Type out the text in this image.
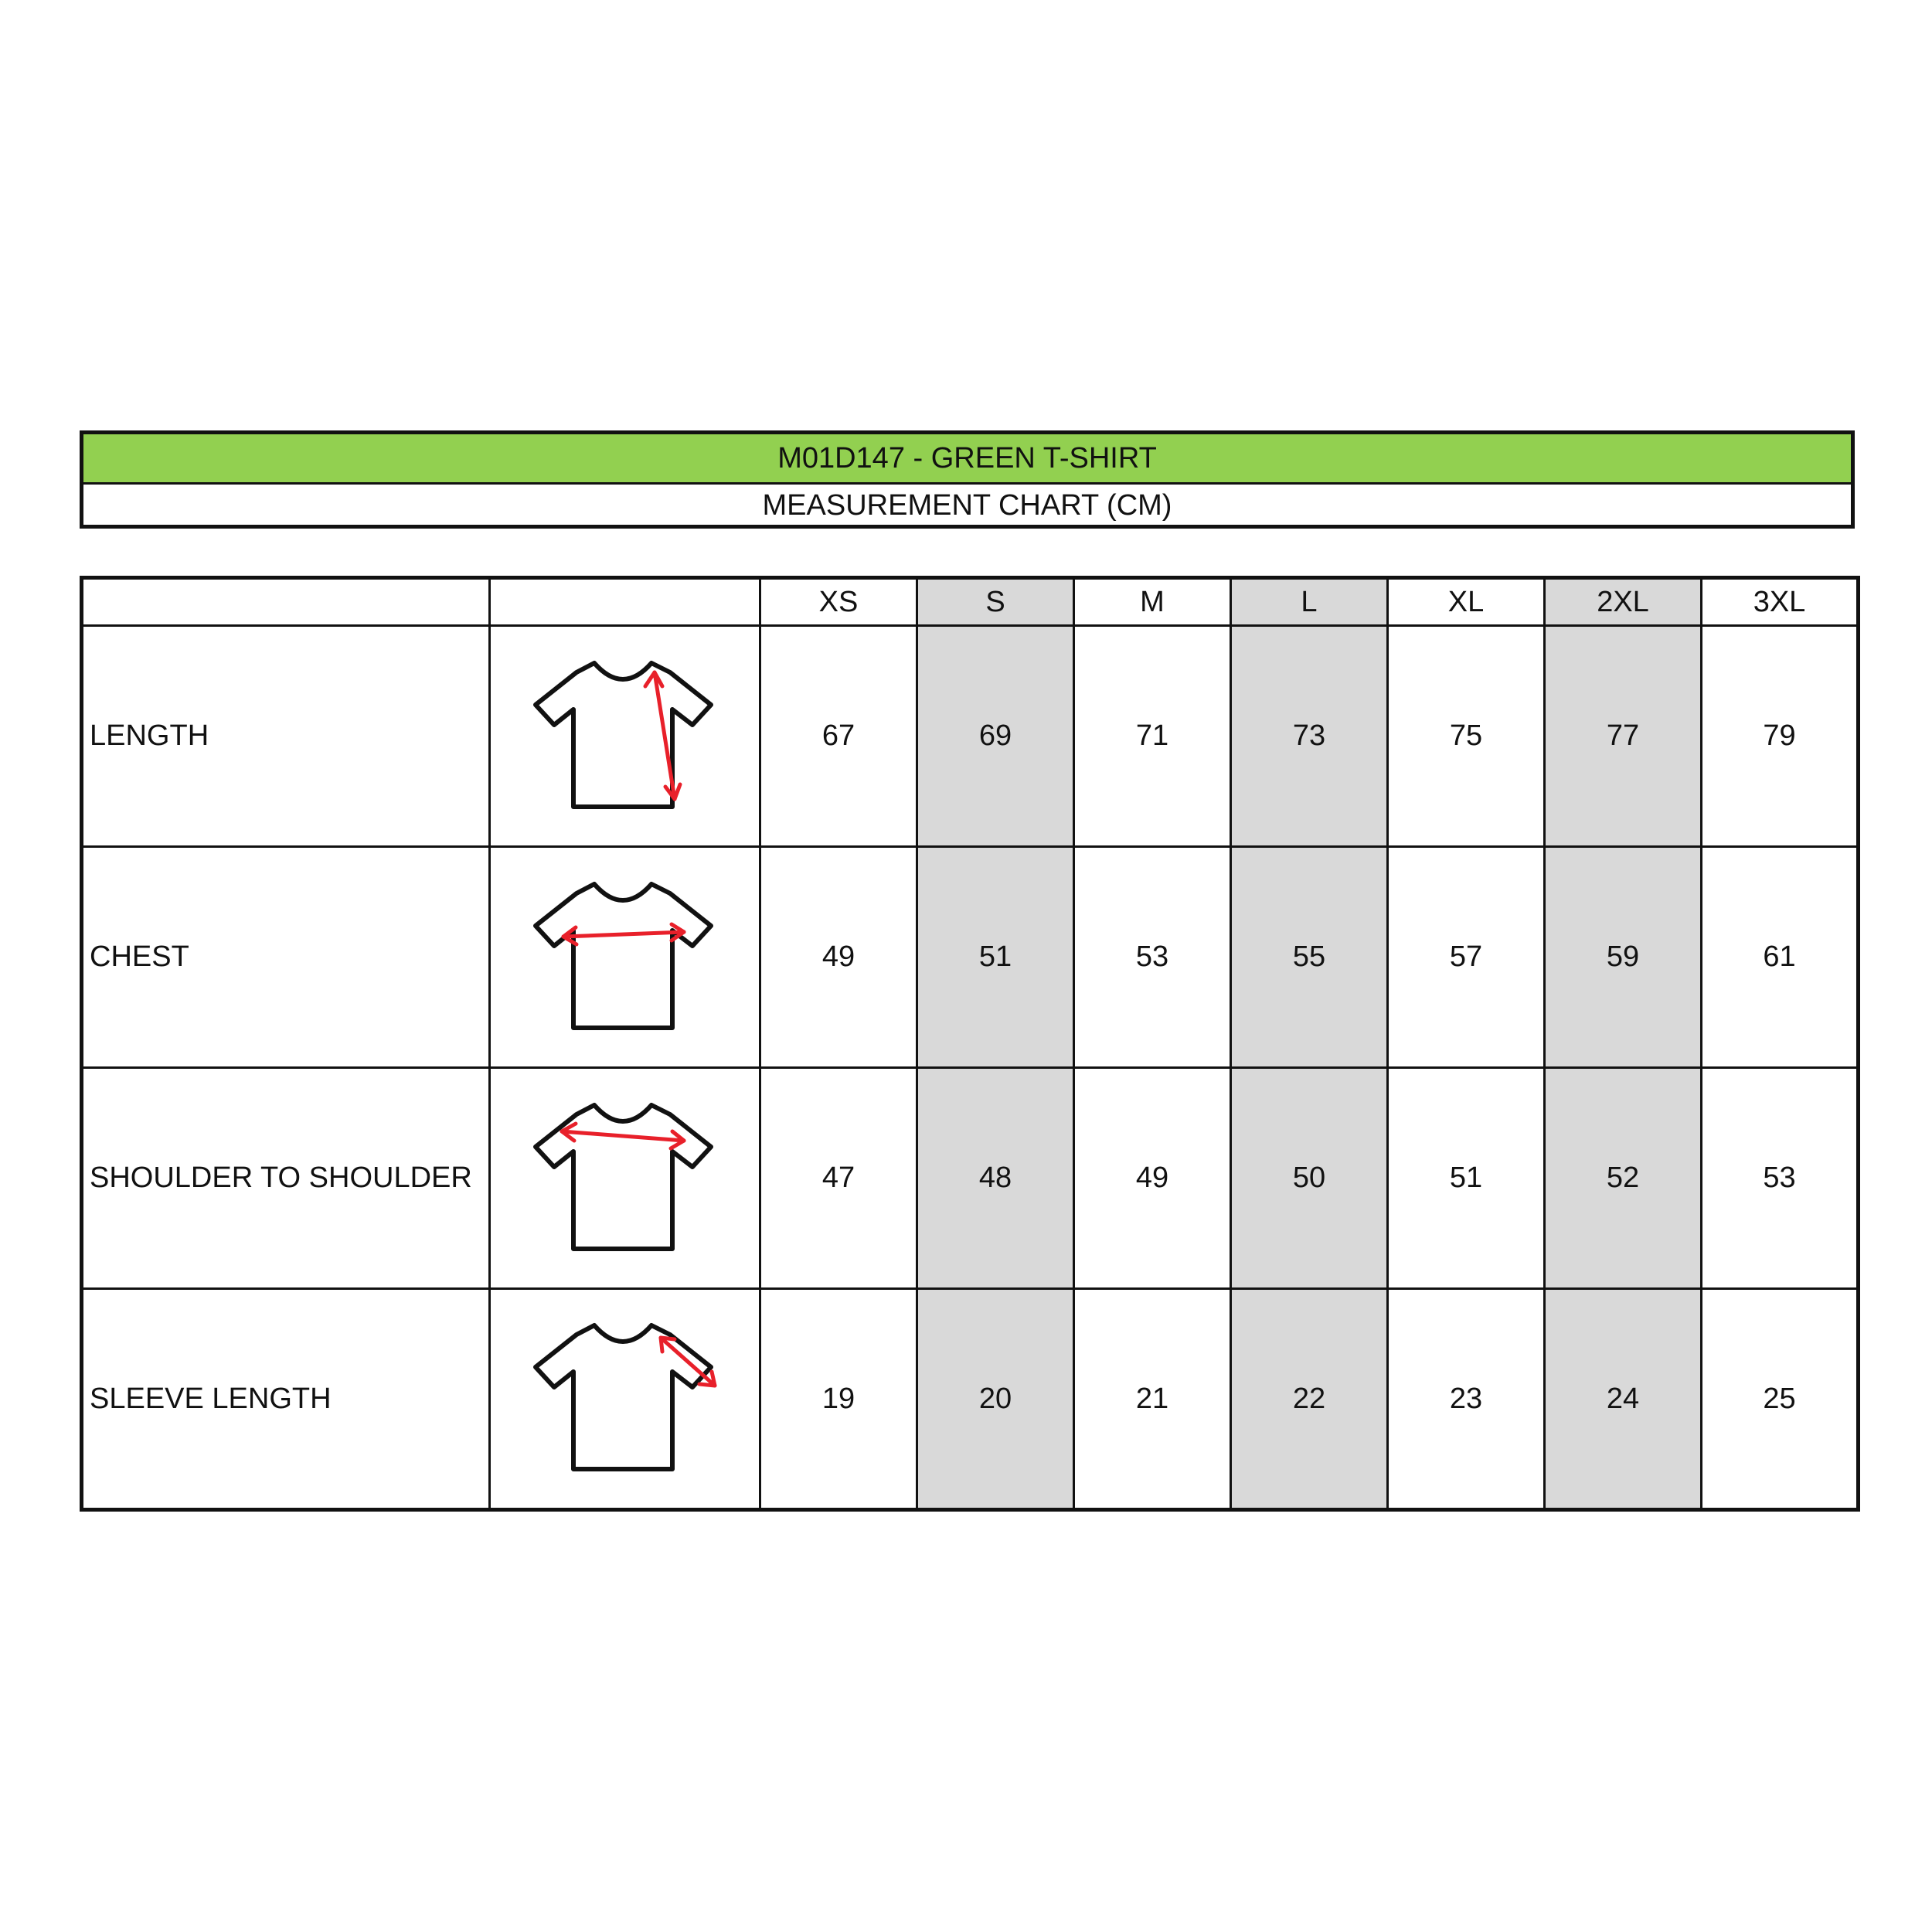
M01D147 - GREEN T-SHIRT
MEASUREMENT CHART (CM)
		XS	S	M	L	XL	2XL	3XL
LENGTH		67	69	71	73	75	77	79
CHEST		49	51	53	55	57	59	61
SHOULDER TO SHOULDER		47	48	49	50	51	52	53
SLEEVE LENGTH		19	20	21	22	23	24	25
